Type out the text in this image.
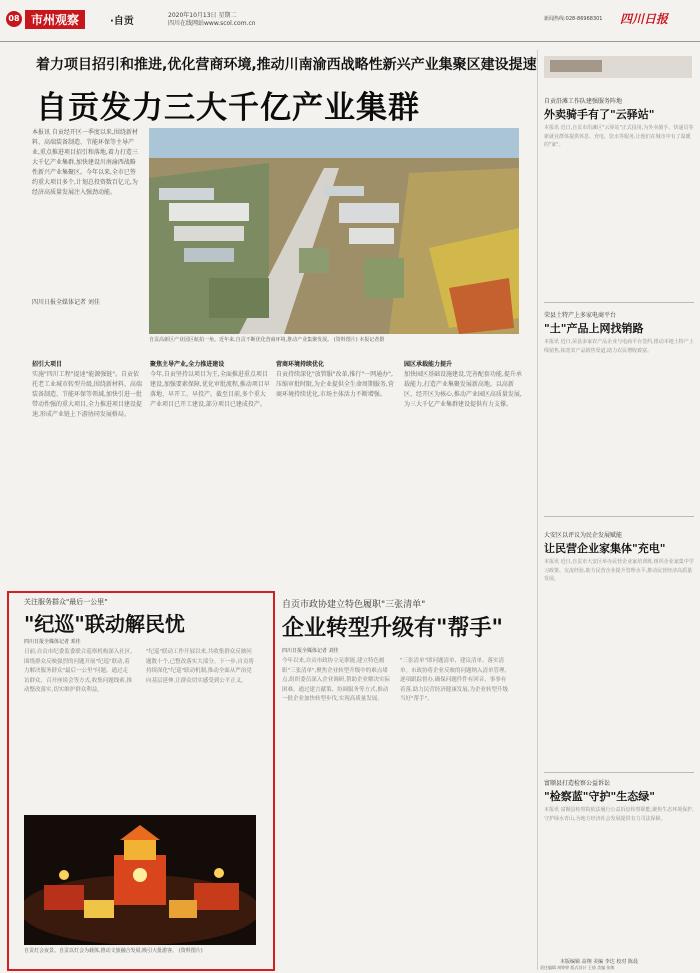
08 市州观察	·自贡
2020年10月13日 星期二
四川在线网站www.scol.com.cn
新闻热线:028-86968301 四川日报
着力项目招引和推进,优化营商环境,推动川南渝西战略性新兴产业集聚区建设提速
自贡发力三大千亿产业集群
本报讯 自贡经开区一季度以来,围绕新材料、高端装备制造、节能环保等主导产业,重点推进项目招引和落地,着力打造三大千亿产业集群,加快建设川南渝西战略性新兴产业集聚区。今年以来,全市已签约重大项目多个,计划总投资数百亿元,为经济高质量发展注入强劲动能。
四川日报全媒体记者 刘佳
自贡高新区产业园区航拍一角。近年来,自贡不断优化营商环境,推动产业集聚发展。 (资料图片) 本报记者摄
招引大项目
实施"四川工程"提速"能源强链"。自贡依托老工业城市转型升级,围绕新材料、高端装备制造、节能环保等领域,加快引进一批带动性强的重大项目,全力推进项目建设提速,形成产业链上下游协同发展格局。
聚焦主导产业,全力推进建设
今年,自贡坚持以项目为王,全面推进重点项目建设,加强要素保障,优化审批流程,推动项目早落地、早开工、早投产。截至目前,多个重大产业项目已开工建设,部分项目已建成投产。
营商环境持续优化
自贡持续深化"放管服"改革,推行"一网通办",压缩审批时限,为企业提供全生命周期服务,营商环境持续优化,市场主体活力不断增强。
园区承载能力提升
加快园区基础设施建设,完善配套功能,提升承载能力,打造产业集聚发展新高地。以高新区、经开区为核心,推动产业园区高质量发展,为三大千亿产业集群建设提供有力支撑。
关注服务群众"最后一公里"
"纪巡"联动解民忧
四川日报全媒体记者 邓佳
日前,自贡市纪委监委联合巡察机构深入社区,围绕群众反映强烈的问题开展"纪巡"联动,着力解决服务群众"最后一公里"问题。通过走访群众、召开座谈会等方式,收集问题线索,推动整改落实,切实维护群众利益。
"纪巡"联动工作开展以来,共收集群众反映问题数十个,已整改落实大部分。下一步,自贡将持续深化"纪巡"联动机制,推动全面从严治党向基层延伸,让群众切实感受到公平正义。
自贡灯会夜景。自贡以灯会为载体,推动文旅融合发展,吸引大批游客。 (资料图片)
自贡市政协建立特色履职"三张清单"
企业转型升级有"帮手"
四川日报全媒体记者 刘佳
今年以来,自贡市政协立足职能,建立特色履职"三张清单",聚焦企业转型升级中的难点堵点,组织委员深入企业调研,帮助企业解决实际困难。通过建言献策、协调服务等方式,推动一批企业加快转型步伐,实现高质量发展。
"三张清单"即问题清单、建议清单、落实清单。市政协将企业反映的问题纳入清单管理,逐项跟踪督办,确保问题件件有回音、事事有着落,助力民营经济健康发展,为企业转型升级当好"帮手"。
自贡沿滩工作队建强服务阵地
外卖骑手有了"云驿站"
本报讯 近日,自贡市沿滩区"云驿站"正式投用,为外卖骑手、快递员等新就业群体提供休息、充电、饮水等服务,让他们在城市中有了温暖的"家"。
荣县土特产上多家电商平台
"土"产品上网找销路
本报讯 近日,荣县多家农产品企业与电商平台签约,推动本地土特产上线销售,拓宽农产品销售渠道,助力农民增收致富。
大安区以评议为民企发展赋能
让民营企业家集体"充电"
本报讯 近日,自贡市大安区举办民营企业家培训班,组织企业家集中学习政策、交流经验,助力民营企业提升管理水平,推动民营经济高质量发展。
富顺县打造检察公益诉讼
"检察蓝"守护"生态绿"
本报讯 富顺县检察院依法履行公益诉讼检察职能,聚焦生态环境保护,守护绿水青山,为地方经济社会发展提供有力司法保障。
本版编辑 高翔 美编 李达 校对 陈晨
责任编辑 胡婷婷 版式设计 王倩 美编 张敏
